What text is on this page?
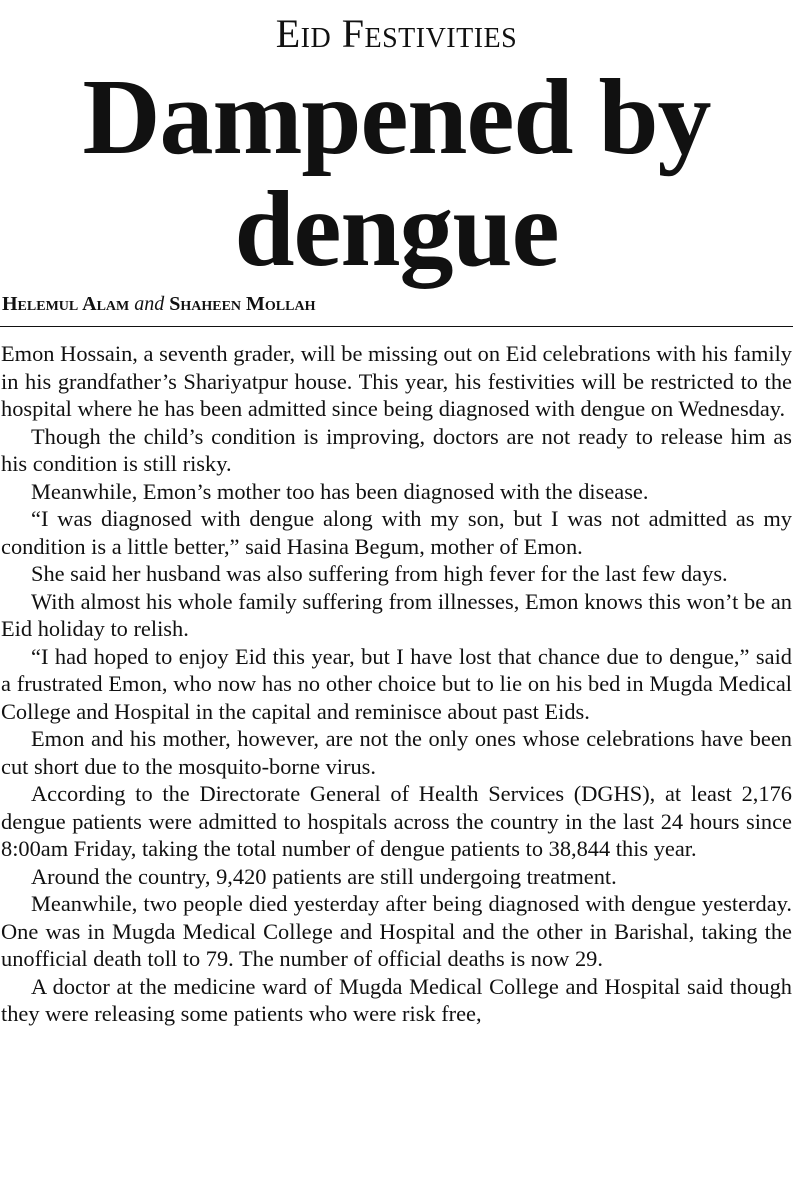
Eid Festivities
Dampened by
dengue
Helemul Alam and Shaheen Mollah

Emon Hossain, a seventh grader, will be missing out on Eid celebrations with his family in his grandfather’s Shariyatpur house. This year, his festivities will be restricted to the hospital where he has been admitted since being diagnosed with dengue on Wednesday.

Though the child’s condition is improving, doctors are not ready to release him as his condition is still risky.

Meanwhile, Emon’s mother too has been diagnosed with the disease.

“I was diagnosed with dengue along with my son, but I was not admitted as my condition is a little better,” said Hasina Begum, mother of Emon.

She said her husband was also suffering from high fever for the last few days.

With almost his whole family suffering from illnesses, Emon knows this won’t be an Eid holiday to relish.

“I had hoped to enjoy Eid this year, but I have lost that chance due to dengue,” said a frustrated Emon, who now has no other choice but to lie on his bed in Mugda Medical College and Hospital in the capital and reminisce about past Eids.

Emon and his mother, however, are not the only ones whose celebrations have been cut short due to the mosquito-borne virus.

According to the Directorate General of Health Services (DGHS), at least 2,176 dengue patients were admitted to hospitals across the country in the last 24 hours since 8:00am Friday, taking the total number of dengue patients to 38,844 this year.

Around the country, 9,420 patients are still undergoing treatment.

Meanwhile, two people died yesterday after being diagnosed with dengue yesterday. One was in Mugda Medical College and Hospital and the other in Barishal, taking the unofficial death toll to 79. The number of official deaths is now 29.

A doctor at the medicine ward of Mugda Medical College and Hospital said though they were releasing some patients who were risk free,
